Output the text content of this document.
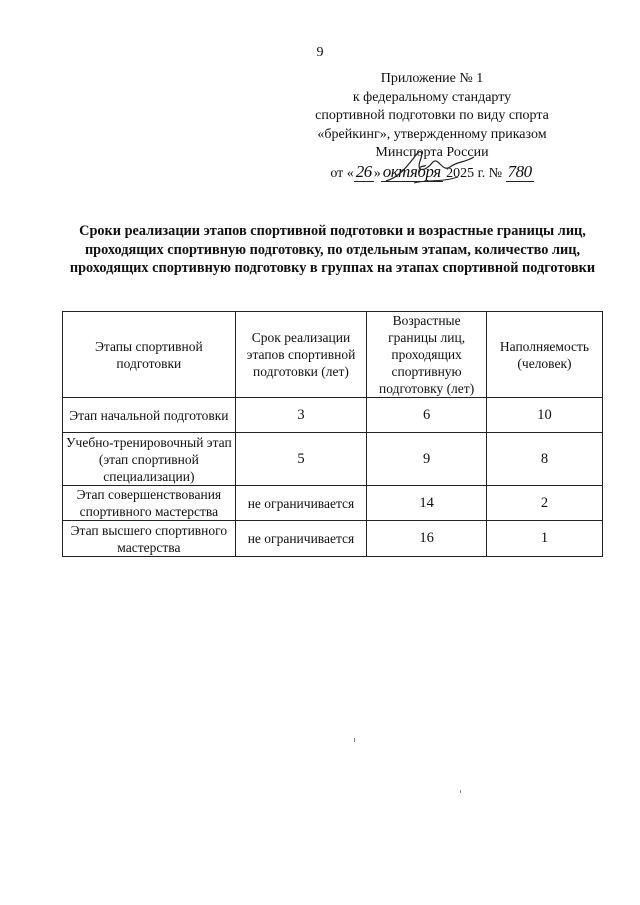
9
Приложение № 1
к федеральному стандарту
спортивной подготовки по виду спорта
«брейкинг», утвержденному приказом
Минспорта России
от « 26 » октября 2025 г. № 780
Сроки реализации этапов спортивной подготовки и возрастные границы лиц, проходящих спортивную подготовку, по отдельным этапам, количество лиц, проходящих спортивную подготовку в группах на этапах спортивной подготовки
Этапы спортивной подготовки	Срок реализации этапов спортивной подготовки (лет)	Возрастные границы лиц, проходящих спортивную подготовку (лет)	Наполняемость (человек)
Этап начальной подготовки	3	6	10
Учебно-тренировочный этап (этап спортивной специализации)	5	9	8
Этап совершенствования спортивного мастерства	не ограничивается	14	2
Этап высшего спортивного мастерства	не ограничивается	16	1
